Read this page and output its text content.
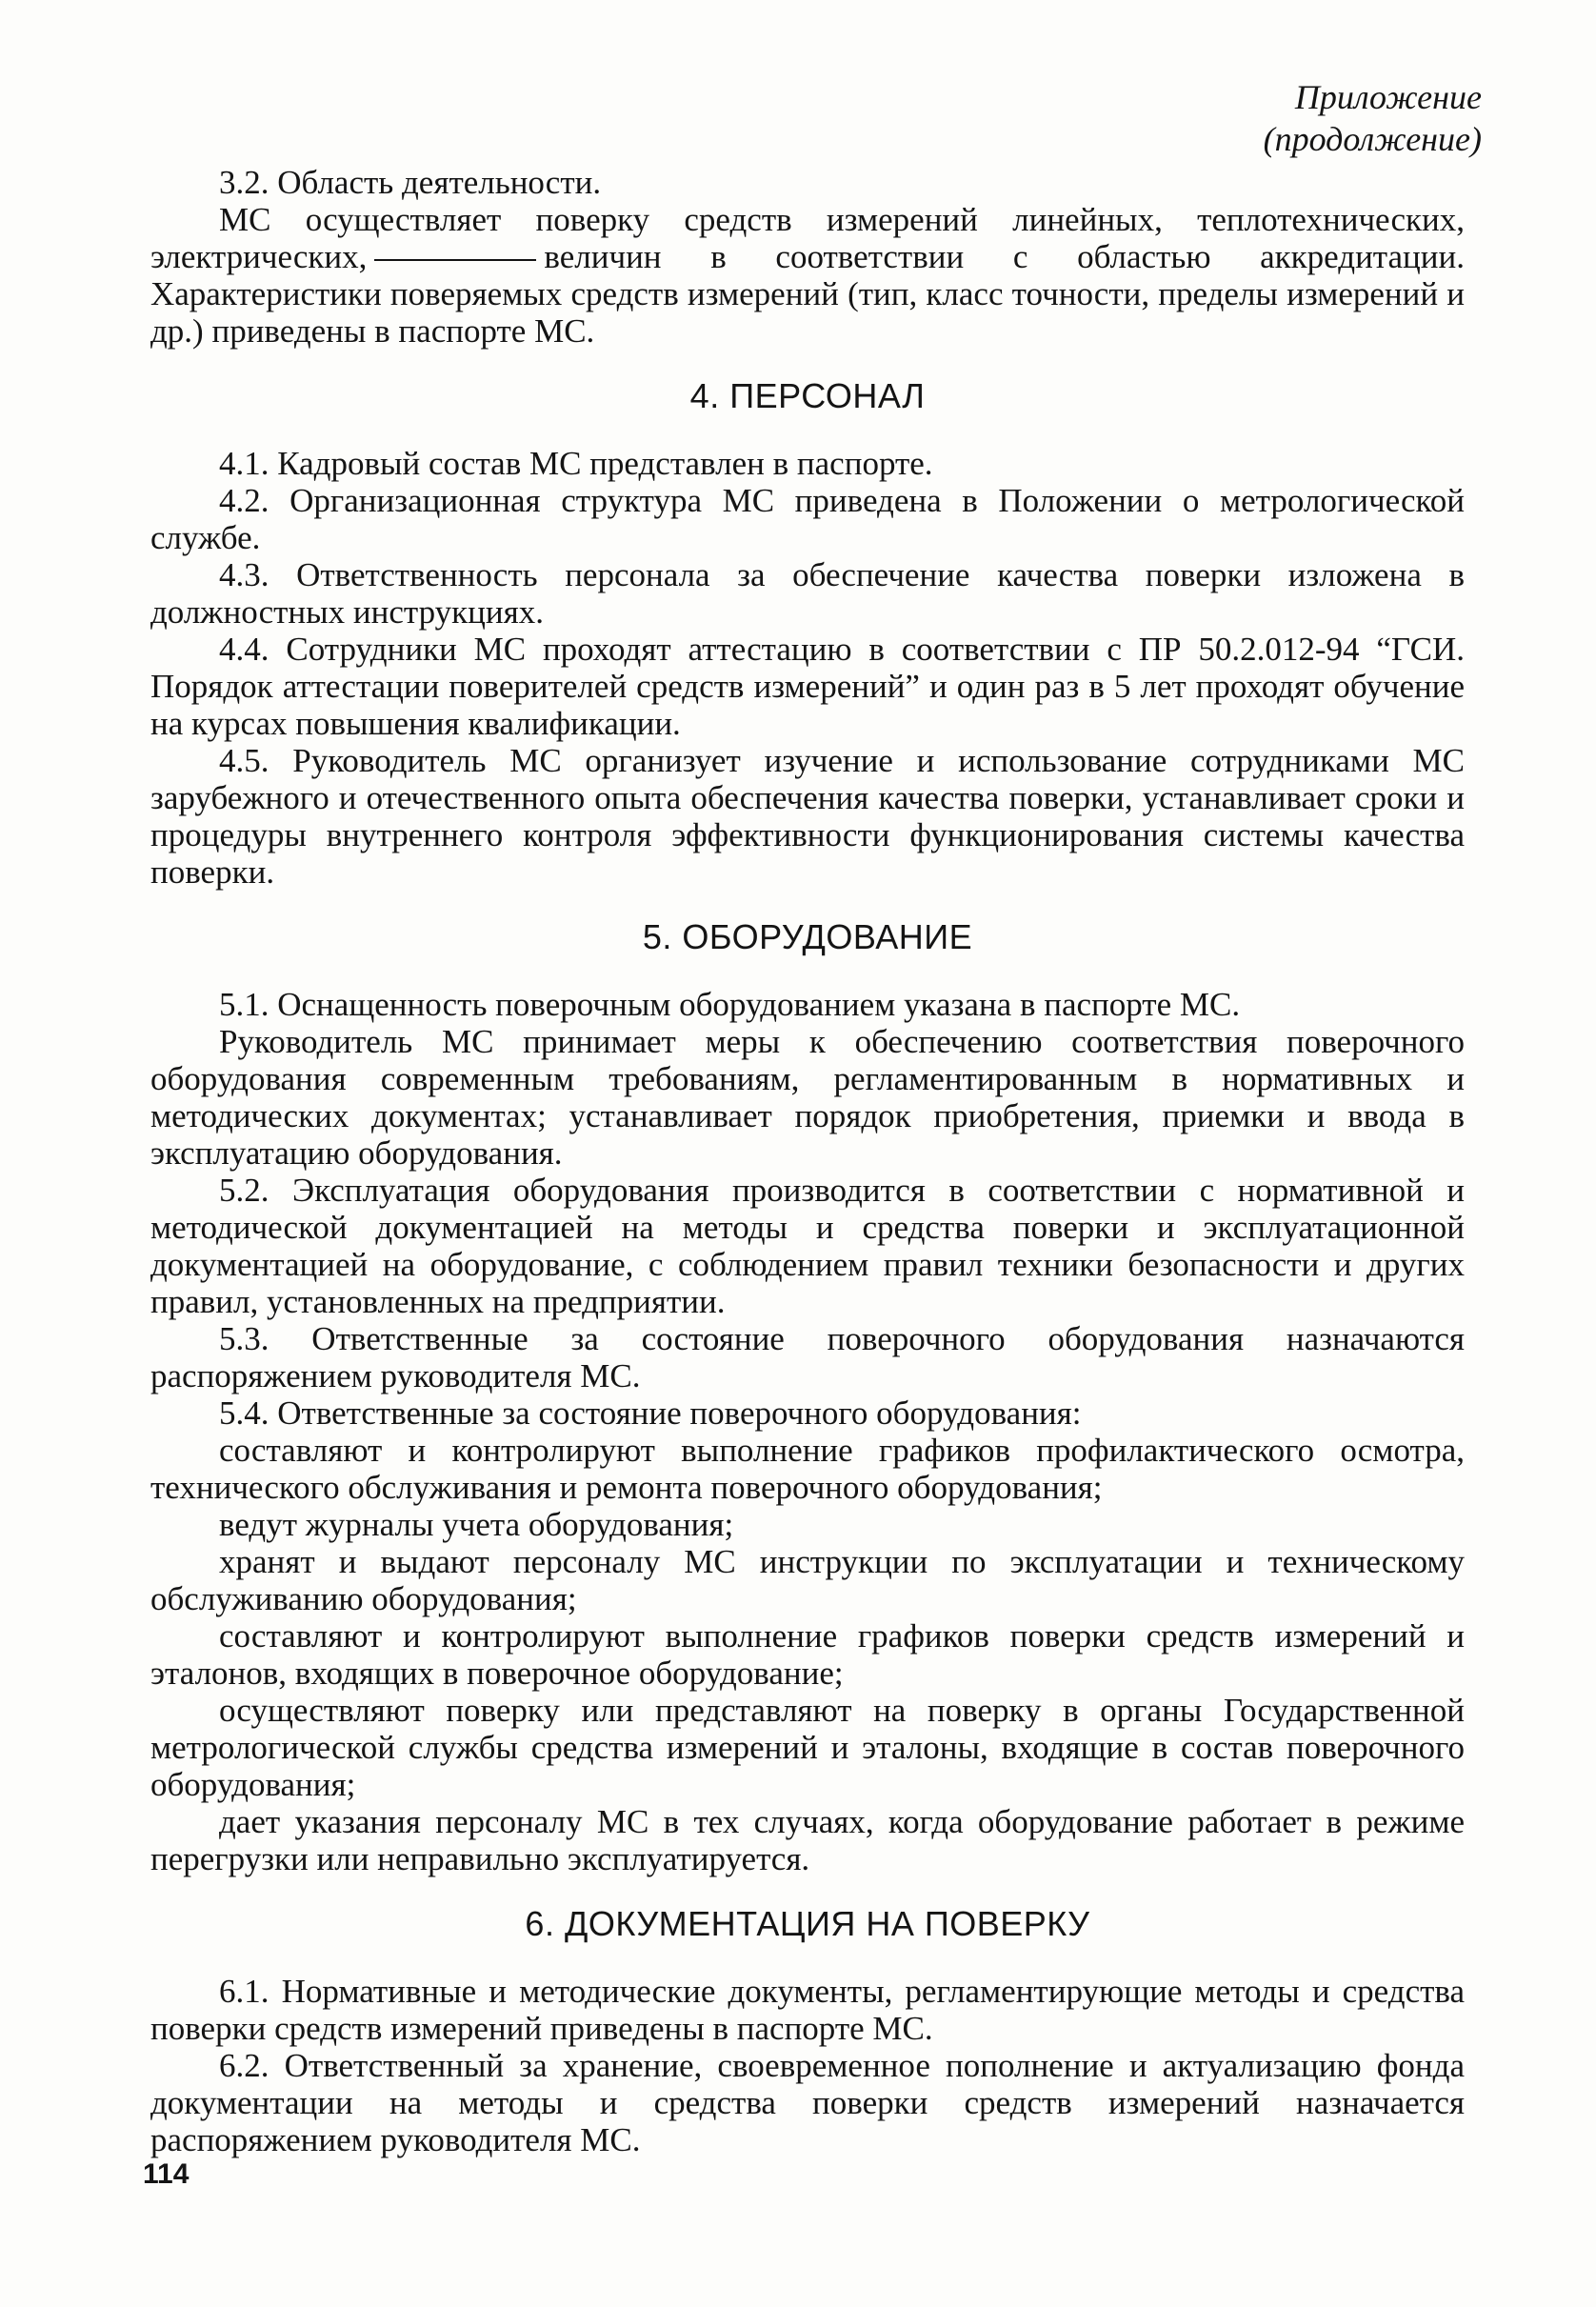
Приложение
(продолжение)

3.2. Область деятельности.

МС осуществляет поверку средств измерений линейных, теплотехнических, электрических,	величин в соответствии с областью аккредитации. Характеристики поверяемых средств измерений (тип, класс точности, пределы измерений и др.) приведены в паспорте МС.

4. ПЕРСОНАЛ

4.1. Кадровый состав МС представлен в паспорте.

4.2. Организационная структура МС приведена в Положении о метрологической службе.

4.3. Ответственность персонала за обеспечение качества поверки изложена в должностных инструкциях.

4.4. Сотрудники МС проходят аттестацию в соответствии с ПР 50.2.012-94 “ГСИ. Порядок аттестации поверителей средств измерений” и один раз в 5 лет проходят обучение на курсах повышения квалификации.

4.5. Руководитель МС организует изучение и использование сотрудниками МС зарубежного и отечественного опыта обеспечения качества поверки, устанавливает сроки и процедуры внутреннего контроля эффективности функционирования системы качества поверки.

5. ОБОРУДОВАНИЕ

5.1. Оснащенность поверочным оборудованием указана в паспорте МС.

Руководитель МС принимает меры к обеспечению соответствия поверочного оборудования современным требованиям, регламентированным в нормативных и методических документах; устанавливает порядок приобретения, приемки и ввода в эксплуатацию оборудования.

5.2. Эксплуатация оборудования производится в соответствии с нормативной и методической документацией на методы и средства поверки и эксплуатационной документацией на оборудование, с соблюдением правил техники безопасности и других правил, установленных на предприятии.

5.3. Ответственные за состояние поверочного оборудования назначаются распоряжением руководителя МС.

5.4. Ответственные за состояние поверочного оборудования:

составляют и контролируют выполнение графиков профилактического осмотра, технического обслуживания и ремонта поверочного оборудования;

ведут журналы учета оборудования;

хранят и выдают персоналу МС инструкции по эксплуатации и техническому обслуживанию оборудования;

составляют и контролируют выполнение графиков поверки средств измерений и эталонов, входящих в поверочное оборудование;

осуществляют поверку или представляют на поверку в органы Государственной метрологической службы средства измерений и эталоны, входящие в состав поверочного оборудования;

дает указания персоналу МС в тех случаях, когда оборудование работает в режиме перегрузки или неправильно эксплуатируется.

6. ДОКУМЕНТАЦИЯ НА ПОВЕРКУ

6.1. Нормативные и методические документы, регламентирующие методы и средства поверки средств измерений приведены в паспорте МС.

6.2. Ответственный за хранение, своевременное пополнение и актуализацию фонда документации на методы и средства поверки средств измерений назначается распоряжением руководителя МС.

114
